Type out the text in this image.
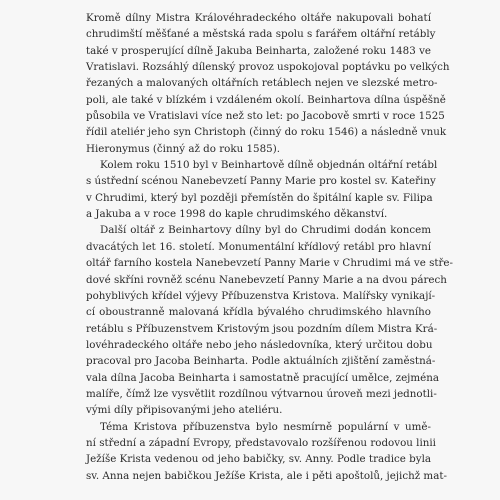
Kromě dílny Mistra Královéhradeckého oltáře nakupovali bohatí
chrudimští měšťané a městská rada spolu s farářem oltářní retábly
také v prosperující dílně Jakuba Beinharta, založené roku 1483 ve
Vratislavi. Rozsáhlý dílenský provoz uspokojoval poptávku po velkých
řezaných a malovaných oltářních retáblech nejen ve slezské metro-
poli, ale také v blízkém i vzdáleném okolí. Beinhartova dílna úspěšně
působila ve Vratislavi více než sto let: po Jacobově smrti v roce 1525
řídil ateliér jeho syn Christoph (činný do roku 1546) a následně vnuk
Hieronymus (činný až do roku 1585).

Kolem roku 1510 byl v Beinhartově dílně objednán oltářní retábl
s ústřední scénou Nanebevzetí Panny Marie pro kostel sv. Kateřiny
v Chrudimi, který byl později přemístěn do špitální kaple sv. Filipa
a Jakuba a v roce 1998 do kaple chrudimského děkanství.

Další oltář z Beinhartovy dílny byl do Chrudimi dodán koncem
dvacátých let 16. století. Monumentální křídlový retábl pro hlavní
oltář farního kostela Nanebevzetí Panny Marie v Chrudimi má ve stře-
dové skříni rovněž scénu Nanebevzetí Panny Marie a na dvou párech
pohyblivých křídel výjevy Příbuzenstva Kristova. Malířsky vynikají-
cí oboustranně malovaná křídla bývalého chrudimského hlavního
retáblu s Příbuzenstvem Kristovým jsou pozdním dílem Mistra Krá-
lovéhradeckého oltáře nebo jeho následovníka, který určitou dobu
pracoval pro Jacoba Beinharta. Podle aktuálních zjištění zaměstná-
vala dílna Jacoba Beinharta i samostatně pracující umělce, zejména
malíře, čímž lze vysvětlit rozdílnou výtvarnou úroveň mezi jednotli-
vými díly připisovanými jeho ateliéru.

Téma Kristova příbuzenstva bylo nesmírně populární v umě-
ní střední a západní Evropy, představovalo rozšířenou rodovou linii
Ježíše Krista vedenou od jeho babičky, sv. Anny. Podle tradice byla
sv. Anna nejen babičkou Ježíše Krista, ale i pěti apoštolů, jejichž mat-
